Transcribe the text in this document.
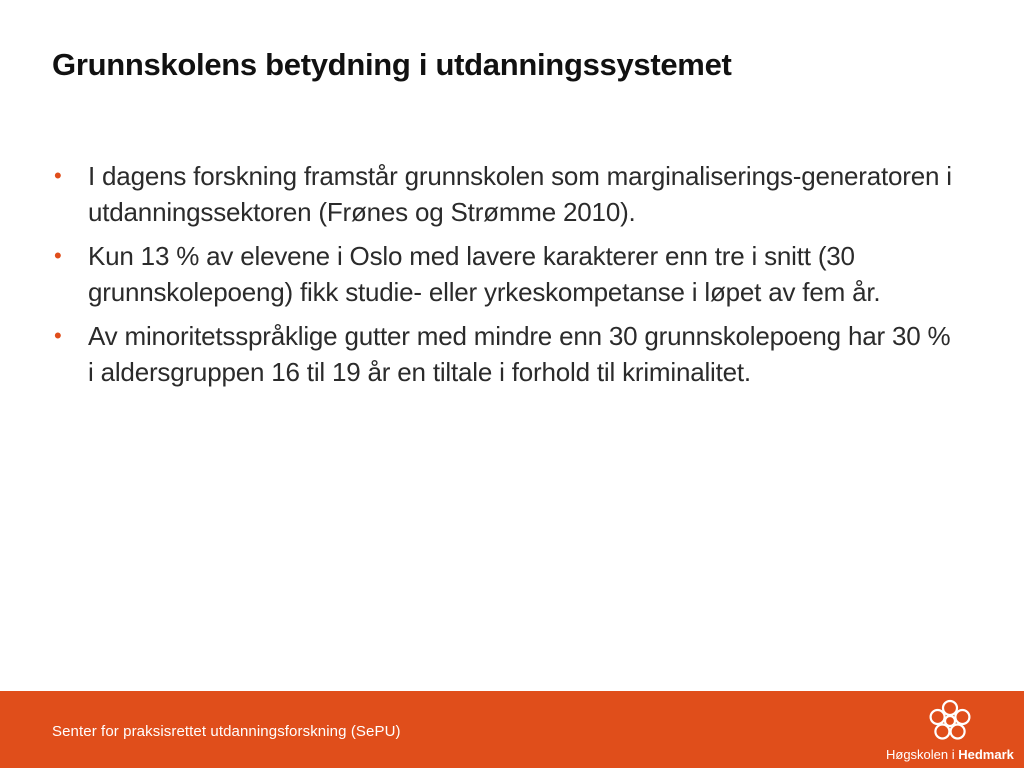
Grunnskolens betydning i utdanningssystemet
•	I dagens forskning framstår grunnskolen som marginaliserings-generatoren i utdanningssektoren (Frønes og Strømme 2010).
•	Kun 13 % av elevene i Oslo med lavere karakterer enn tre i snitt (30 grunnskolepoeng) fikk studie- eller yrkeskompetanse i løpet av fem år.
•	Av minoritetsspråklige gutter med mindre enn 30 grunnskolepoeng har 30 % i aldersgruppen 16 til 19 år en tiltale i forhold til kriminalitet.
Senter for praksisrettet utdanningsforskning (SePU)
Høgskolen i Hedmark
